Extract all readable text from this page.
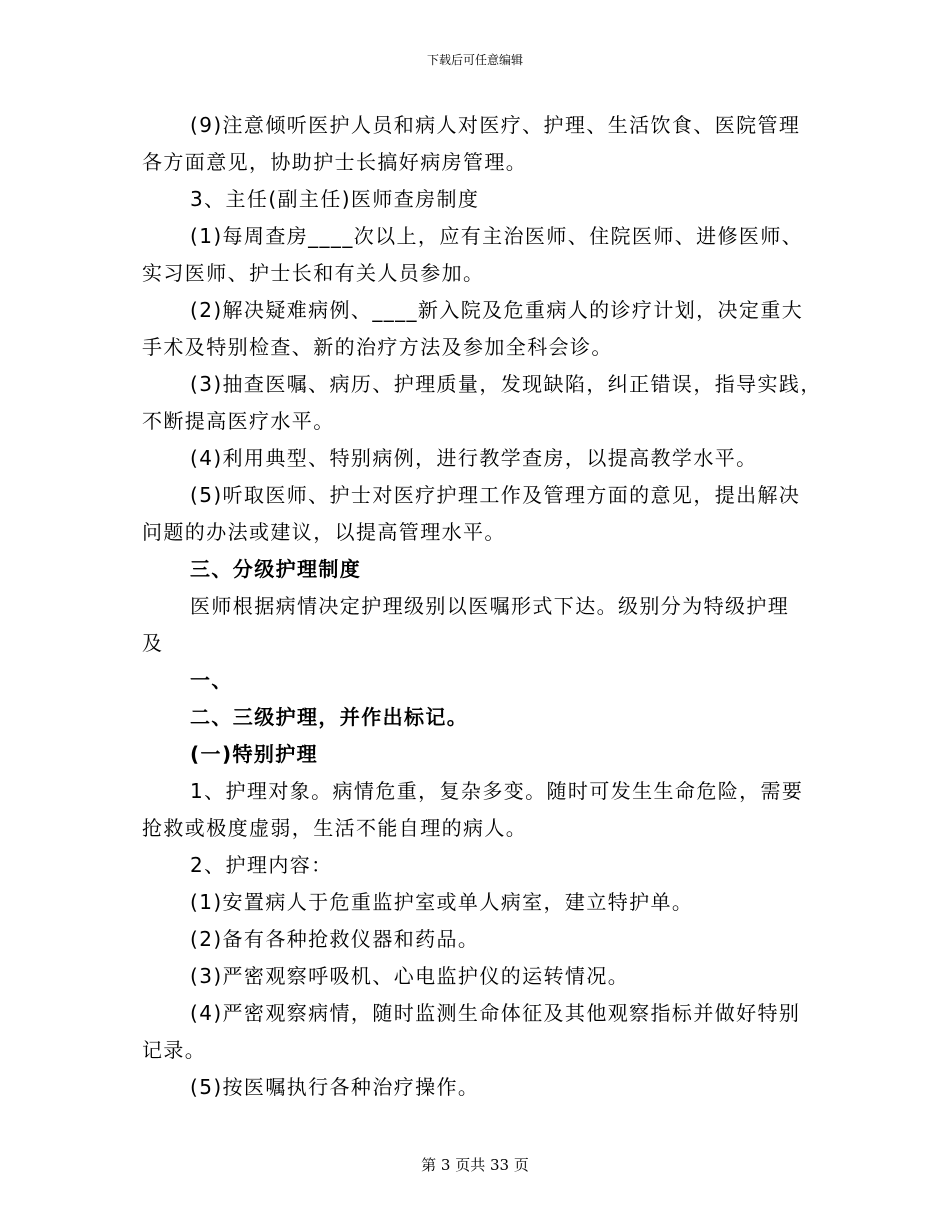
下载后可任意编辑
(9)注意倾听医护人员和病人对医疗、护理、生活饮食、医院管理
各方面意见，协助护士长搞好病房管理。
3、主任(副主任)医师查房制度
(1)每周查房____次以上，应有主治医师、住院医师、进修医师、
实习医师、护士长和有关人员参加。
(2)解决疑难病例、____新入院及危重病人的诊疗计划，决定重大
手术及特别检查、新的治疗方法及参加全科会诊。
(3)抽查医嘱、病历、护理质量，发现缺陷，纠正错误，指导实践，
不断提高医疗水平。
(4)利用典型、特别病例，进行教学查房，以提高教学水平。
(5)听取医师、护士对医疗护理工作及管理方面的意见，提出解决
问题的办法或建议，以提高管理水平。
三、分级护理制度
医师根据病情决定护理级别以医嘱形式下达。级别分为特级护理
及
一、
二、三级护理，并作出标记。
(一)特别护理
1、护理对象。病情危重，复杂多变。随时可发生生命危险，需要
抢救或极度虚弱，生活不能自理的病人。
2、护理内容：
(1)安置病人于危重监护室或单人病室，建立特护单。
(2)备有各种抢救仪器和药品。
(3)严密观察呼吸机、心电监护仪的运转情况。
(4)严密观察病情，随时监测生命体征及其他观察指标并做好特别
记录。
(5)按医嘱执行各种治疗操作。
第 3 页共 33 页
